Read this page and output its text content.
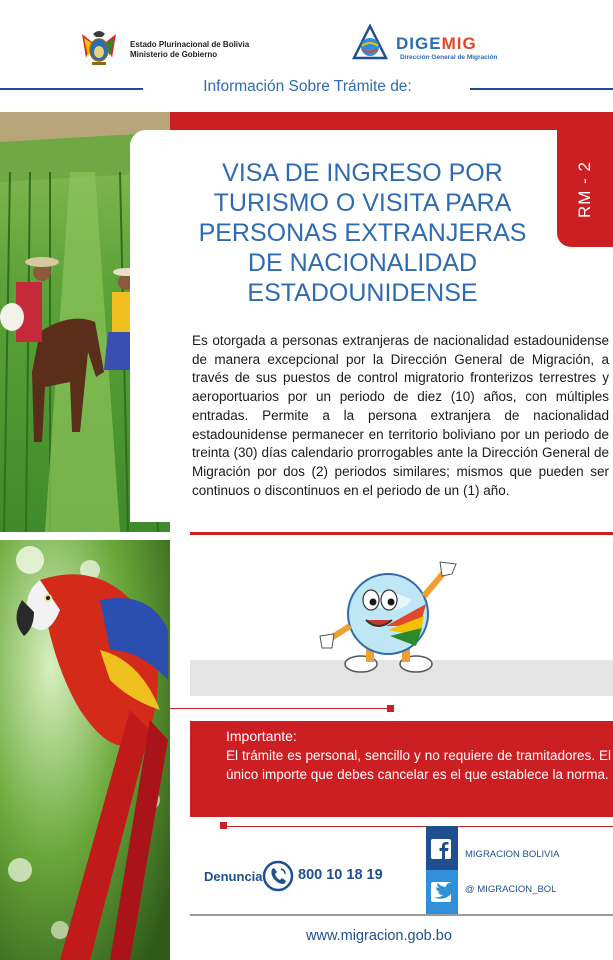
Estado Plurinacional de Bolivia
Ministerio de Gobierno
DIGEMIG
Dirección General de Migración
Información Sobre Trámite de:
RM - 2
VISA DE INGRESO POR
TURISMO O VISITA PARA
PERSONAS EXTRANJERAS
DE NACIONALIDAD
ESTADOUNIDENSE
Es otorgada a personas extranjeras de nacionalidad estadounidense de manera excepcional por la Dirección General de Migración, a través de sus puestos de control migratorio fronterizos terrestres y aeroportuarios por un periodo de diez (10) años, con múltiples entradas. Permite a la persona extranjera de nacionalidad estadounidense permanecer en territorio boliviano por un periodo de treinta (30) días calendario prorrogables ante la Dirección General de Migración por dos (2) periodos similares; mismos que pueden ser continuos o discontinuos en el periodo de un (1) año.
Importante:
El trámite es personal, sencillo y no requiere de tramitadores. El único importe que debes cancelar es el que establece la norma.
Denuncia 800 10 18 19
MIGRACION BOLIVIA
@ MIGRACION_BOL
www.migracion.gob.bo
